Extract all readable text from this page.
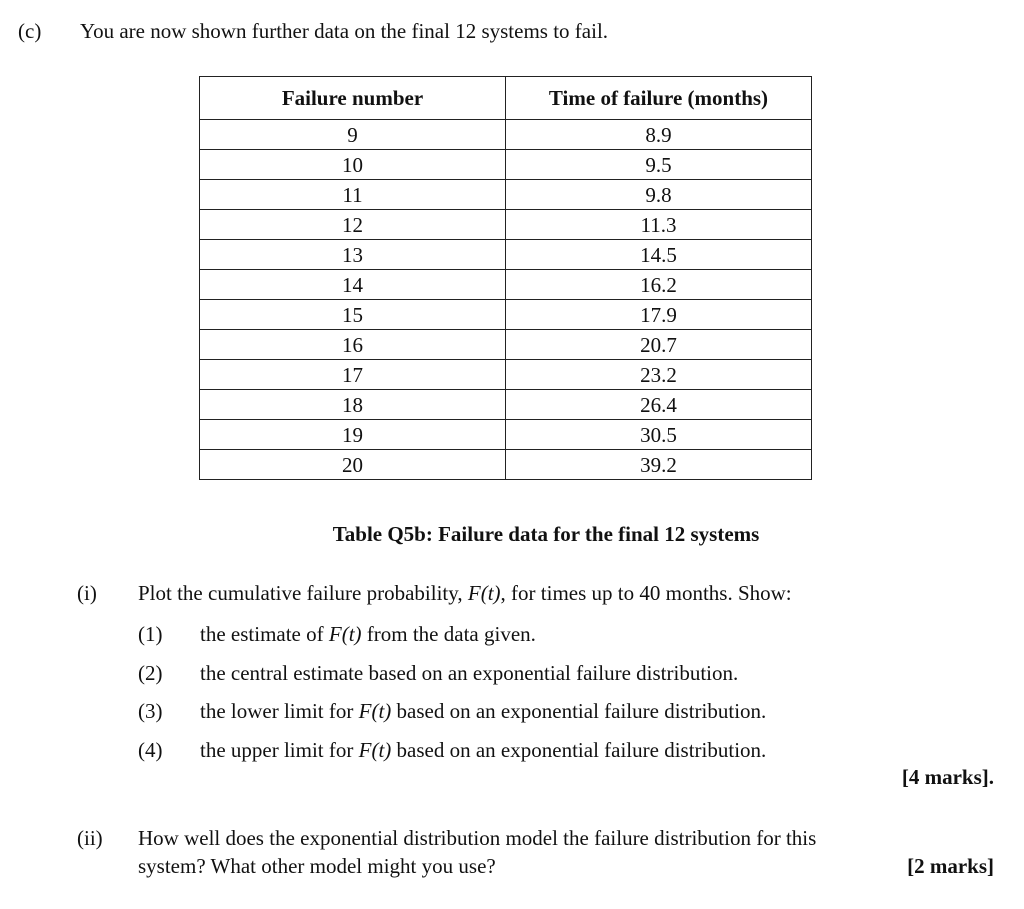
(c) You are now shown further data on the final 12 systems to fail.
Failure number	Time of failure (months)
9	8.9
10	9.5
11	9.8
12	11.3
13	14.5
14	16.2
15	17.9
16	20.7
17	23.2
18	26.4
19	30.5
20	39.2
Table Q5b: Failure data for the final 12 systems
(i) Plot the cumulative failure probability, F(t), for times up to 40 months. Show:
(1) the estimate of F(t) from the data given.
(2) the central estimate based on an exponential failure distribution.
(3) the lower limit for F(t) based on an exponential failure distribution.
(4) the upper limit for F(t) based on an exponential failure distribution.
[4 marks].
(ii) How well does the exponential distribution model the failure distribution for this
system? What other model might you use?	[2 marks]
